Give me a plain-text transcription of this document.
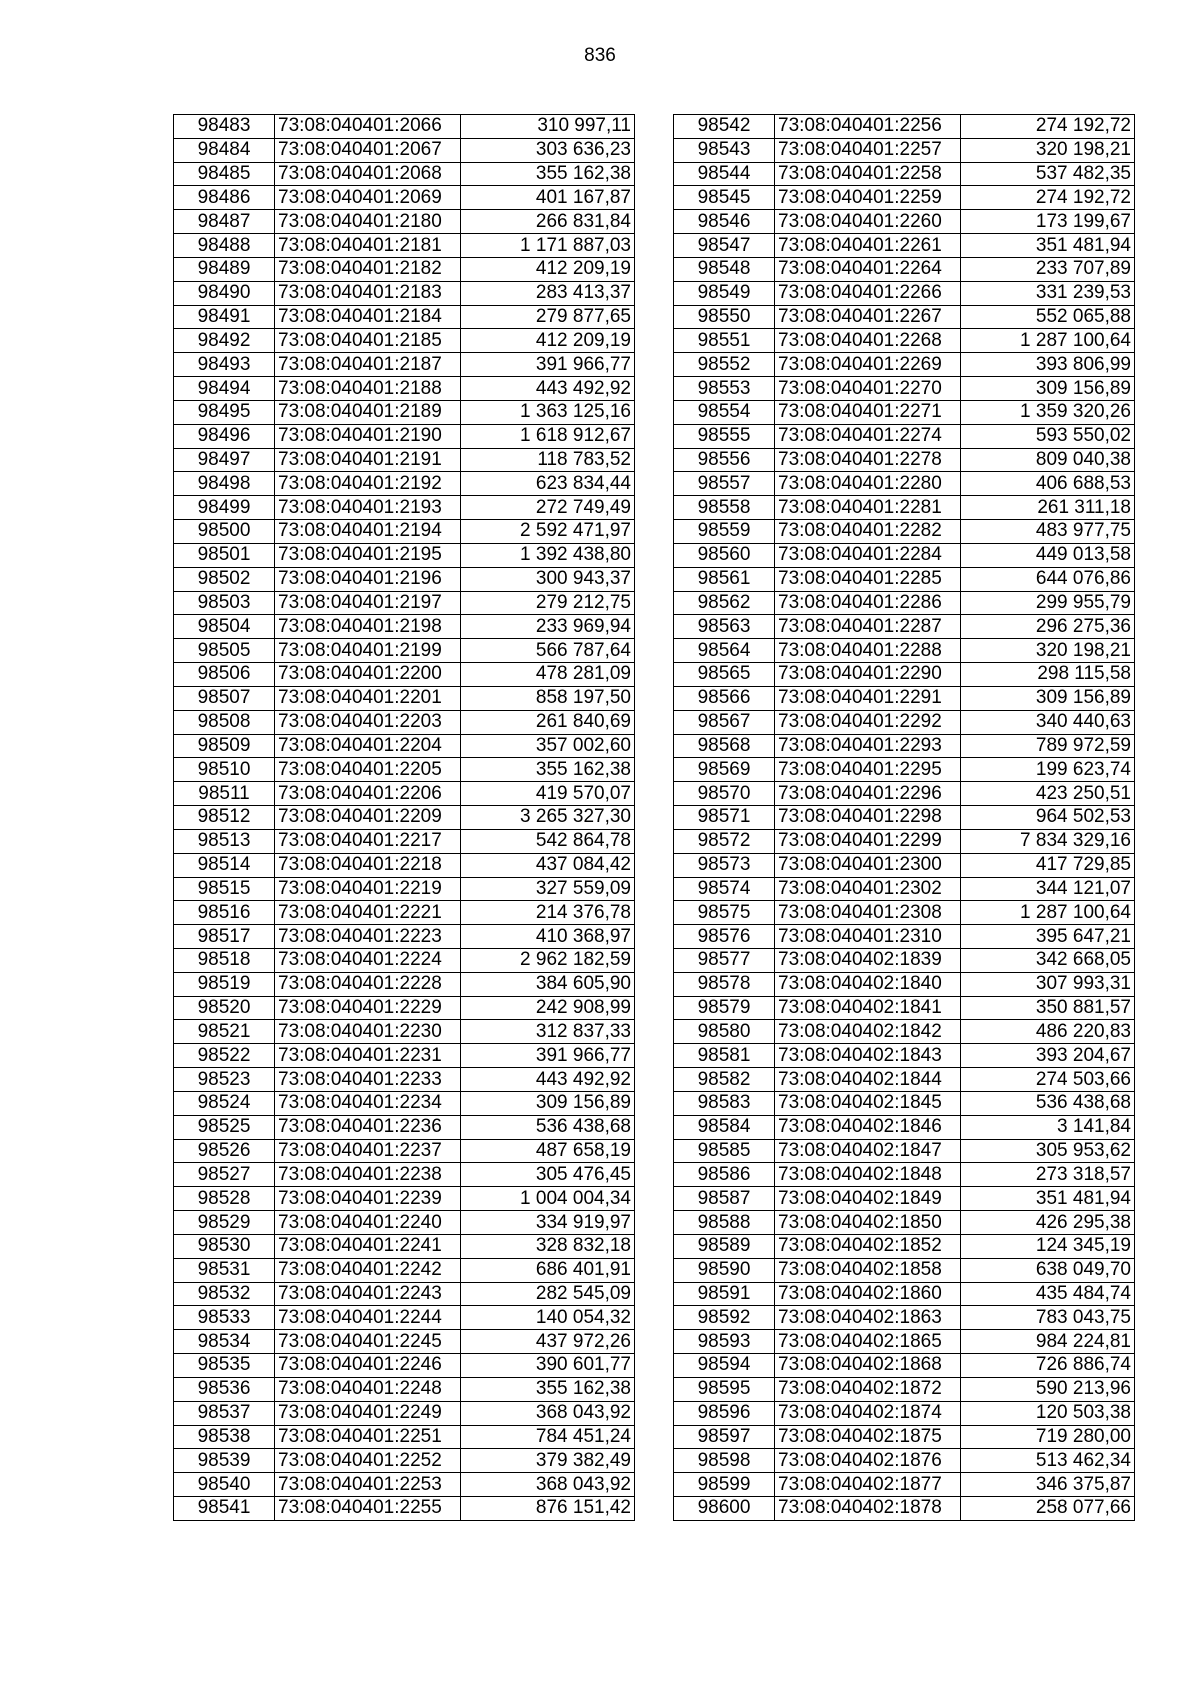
836
98483	73:08:040401:2066	310 997,11
98484	73:08:040401:2067	303 636,23
98485	73:08:040401:2068	355 162,38
98486	73:08:040401:2069	401 167,87
98487	73:08:040401:2180	266 831,84
98488	73:08:040401:2181	1 171 887,03
98489	73:08:040401:2182	412 209,19
98490	73:08:040401:2183	283 413,37
98491	73:08:040401:2184	279 877,65
98492	73:08:040401:2185	412 209,19
98493	73:08:040401:2187	391 966,77
98494	73:08:040401:2188	443 492,92
98495	73:08:040401:2189	1 363 125,16
98496	73:08:040401:2190	1 618 912,67
98497	73:08:040401:2191	118 783,52
98498	73:08:040401:2192	623 834,44
98499	73:08:040401:2193	272 749,49
98500	73:08:040401:2194	2 592 471,97
98501	73:08:040401:2195	1 392 438,80
98502	73:08:040401:2196	300 943,37
98503	73:08:040401:2197	279 212,75
98504	73:08:040401:2198	233 969,94
98505	73:08:040401:2199	566 787,64
98506	73:08:040401:2200	478 281,09
98507	73:08:040401:2201	858 197,50
98508	73:08:040401:2203	261 840,69
98509	73:08:040401:2204	357 002,60
98510	73:08:040401:2205	355 162,38
98511	73:08:040401:2206	419 570,07
98512	73:08:040401:2209	3 265 327,30
98513	73:08:040401:2217	542 864,78
98514	73:08:040401:2218	437 084,42
98515	73:08:040401:2219	327 559,09
98516	73:08:040401:2221	214 376,78
98517	73:08:040401:2223	410 368,97
98518	73:08:040401:2224	2 962 182,59
98519	73:08:040401:2228	384 605,90
98520	73:08:040401:2229	242 908,99
98521	73:08:040401:2230	312 837,33
98522	73:08:040401:2231	391 966,77
98523	73:08:040401:2233	443 492,92
98524	73:08:040401:2234	309 156,89
98525	73:08:040401:2236	536 438,68
98526	73:08:040401:2237	487 658,19
98527	73:08:040401:2238	305 476,45
98528	73:08:040401:2239	1 004 004,34
98529	73:08:040401:2240	334 919,97
98530	73:08:040401:2241	328 832,18
98531	73:08:040401:2242	686 401,91
98532	73:08:040401:2243	282 545,09
98533	73:08:040401:2244	140 054,32
98534	73:08:040401:2245	437 972,26
98535	73:08:040401:2246	390 601,77
98536	73:08:040401:2248	355 162,38
98537	73:08:040401:2249	368 043,92
98538	73:08:040401:2251	784 451,24
98539	73:08:040401:2252	379 382,49
98540	73:08:040401:2253	368 043,92
98541	73:08:040401:2255	876 151,42
98542	73:08:040401:2256	274 192,72
98543	73:08:040401:2257	320 198,21
98544	73:08:040401:2258	537 482,35
98545	73:08:040401:2259	274 192,72
98546	73:08:040401:2260	173 199,67
98547	73:08:040401:2261	351 481,94
98548	73:08:040401:2264	233 707,89
98549	73:08:040401:2266	331 239,53
98550	73:08:040401:2267	552 065,88
98551	73:08:040401:2268	1 287 100,64
98552	73:08:040401:2269	393 806,99
98553	73:08:040401:2270	309 156,89
98554	73:08:040401:2271	1 359 320,26
98555	73:08:040401:2274	593 550,02
98556	73:08:040401:2278	809 040,38
98557	73:08:040401:2280	406 688,53
98558	73:08:040401:2281	261 311,18
98559	73:08:040401:2282	483 977,75
98560	73:08:040401:2284	449 013,58
98561	73:08:040401:2285	644 076,86
98562	73:08:040401:2286	299 955,79
98563	73:08:040401:2287	296 275,36
98564	73:08:040401:2288	320 198,21
98565	73:08:040401:2290	298 115,58
98566	73:08:040401:2291	309 156,89
98567	73:08:040401:2292	340 440,63
98568	73:08:040401:2293	789 972,59
98569	73:08:040401:2295	199 623,74
98570	73:08:040401:2296	423 250,51
98571	73:08:040401:2298	964 502,53
98572	73:08:040401:2299	7 834 329,16
98573	73:08:040401:2300	417 729,85
98574	73:08:040401:2302	344 121,07
98575	73:08:040401:2308	1 287 100,64
98576	73:08:040401:2310	395 647,21
98577	73:08:040402:1839	342 668,05
98578	73:08:040402:1840	307 993,31
98579	73:08:040402:1841	350 881,57
98580	73:08:040402:1842	486 220,83
98581	73:08:040402:1843	393 204,67
98582	73:08:040402:1844	274 503,66
98583	73:08:040402:1845	536 438,68
98584	73:08:040402:1846	3 141,84
98585	73:08:040402:1847	305 953,62
98586	73:08:040402:1848	273 318,57
98587	73:08:040402:1849	351 481,94
98588	73:08:040402:1850	426 295,38
98589	73:08:040402:1852	124 345,19
98590	73:08:040402:1858	638 049,70
98591	73:08:040402:1860	435 484,74
98592	73:08:040402:1863	783 043,75
98593	73:08:040402:1865	984 224,81
98594	73:08:040402:1868	726 886,74
98595	73:08:040402:1872	590 213,96
98596	73:08:040402:1874	120 503,38
98597	73:08:040402:1875	719 280,00
98598	73:08:040402:1876	513 462,34
98599	73:08:040402:1877	346 375,87
98600	73:08:040402:1878	258 077,66
